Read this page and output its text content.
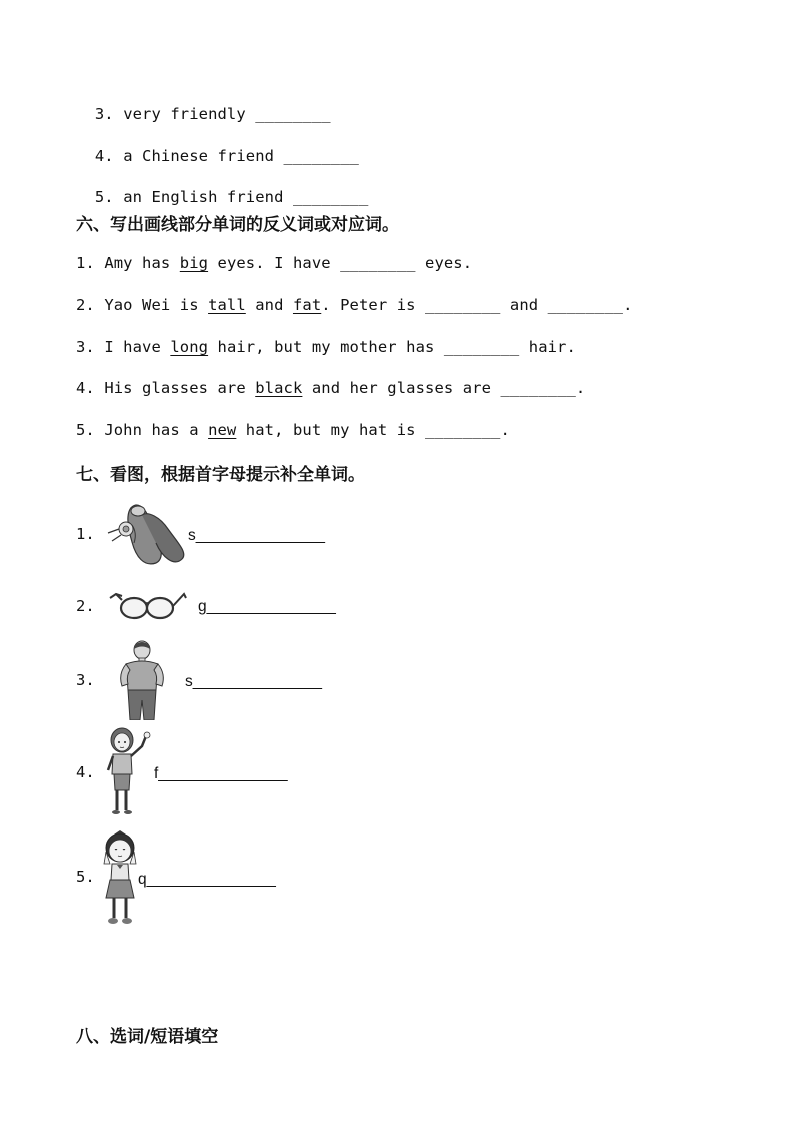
3. very friendly ________

4. a Chinese friend ________

5. an English friend ________

六、写出画线部分单词的反义词或对应词。
1. Amy has big eyes. I have ________ eyes.
2. Yao Wei is tall and fat. Peter is ________ and ________.
3. I have long hair, but my mother has ________ hair.
4. His glasses are black and her glasses are ________.
5. John has a new hat, but my hat is ________.
七、看图，根据首字母提示补全单词。
1.	s_______________
2.	g_______________
3.	s_______________
4.	f_______________
5.	q_______________
八、选词/短语填空
